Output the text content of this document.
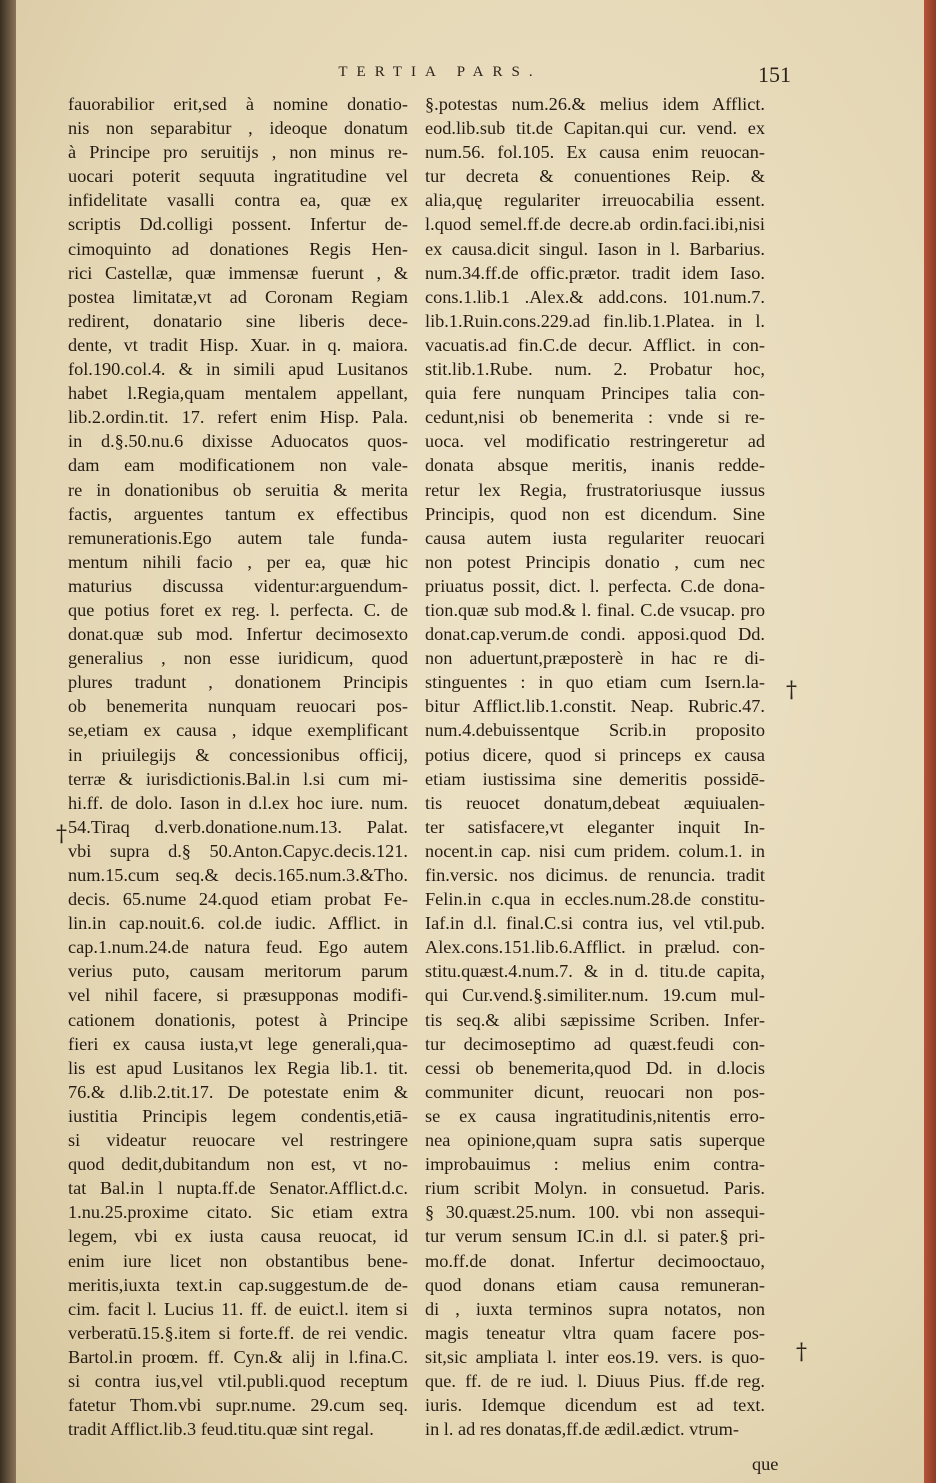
TERTIA PARS.	151
fauorabilior erit,sed à nomine donatio-
nis non separabitur , ideoque donatum
à Principe pro seruitijs , non minus re-
uocari poterit sequuta ingratitudine vel
infidelitate vasalli contra ea, quæ ex
scriptis Dd.colligi possent. Infertur de-
cimoquinto ad donationes Regis Hen-
rici Castellæ, quæ immensæ fuerunt , &
postea limitatæ,vt ad Coronam Regiam
redirent, donatario sine liberis dece-
dente, vt tradit Hisp. Xuar. in q. maiora.
fol.190.col.4. & in simili apud Lusitanos
habet l.Regia,quam mentalem appellant,
lib.2.ordin.tit. 17. refert enim Hisp. Pala.
in d.§.50.nu.6 dixisse Aduocatos quos-
dam eam modificationem non vale-
re in donationibus ob seruitia & merita
factis, arguentes tantum ex effectibus
remunerationis.Ego autem tale funda-
mentum nihili facio , per ea, quæ hic
maturius discussa videntur:arguendum-
que potius foret ex reg. l. perfecta. C. de
donat.quæ sub mod. Infertur decimosexto
generalius , non esse iuridicum, quod
plures tradunt , donationem Principis
ob benemerita nunquam reuocari pos-
se,etiam ex causa , idque exemplificant
in priuilegijs & concessionibus officij,
terræ & iurisdictionis.Bal.in l.si cum mi-
hi.ff. de dolo. Iason in d.l.ex hoc iure. num.
54.Tiraq d.verb.donatione.num.13. Palat.
vbi supra d.§ 50.Anton.Capyc.decis.121.
num.15.cum seq.& decis.165.num.3.&Tho.
decis. 65.nume 24.quod etiam probat Fe-
lin.in cap.nouit.6. col.de iudic. Afflict. in
cap.1.num.24.de natura feud. Ego autem
verius puto, causam meritorum parum
vel nihil facere, si præsupponas modifi-
cationem donationis, potest à Principe
fieri ex causa iusta,vt lege generali,qua-
lis est apud Lusitanos lex Regia lib.1. tit.
76.& d.lib.2.tit.17. De potestate enim &
iustitia Principis legem condentis,etiā-
si videatur reuocare vel restringere
quod dedit,dubitandum non est, vt no-
tat Bal.in l nupta.ff.de Senator.Afflict.d.c.
1.nu.25.proxime citato. Sic etiam extra
legem, vbi ex iusta causa reuocat, id
enim iure licet non obstantibus bene-
meritis,iuxta text.in cap.suggestum.de de-
cim. facit l. Lucius 11. ff. de euict.l. item si
verberatū.15.§.item si forte.ff. de rei vendic.
Bartol.in proœm. ff. Cyn.& alij in l.fina.C.
si contra ius,vel vtil.publi.quod receptum
fatetur Thom.vbi supr.nume. 29.cum seq.
tradit Afflict.lib.3 feud.titu.quæ sint regal.
§.potestas num.26.& melius idem Afflict.
eod.lib.sub tit.de Capitan.qui cur. vend. ex
num.56. fol.105. Ex causa enim reuocan-
tur decreta & conuentiones Reip. &
alia,quę regulariter irreuocabilia essent.
l.quod semel.ff.de decre.ab ordin.faci.ibi,nisi
ex causa.dicit singul. Iason in l. Barbarius.
num.34.ff.de offic.prætor. tradit idem Iaso.
cons.1.lib.1 .Alex.& add.cons. 101.num.7.
lib.1.Ruin.cons.229.ad fin.lib.1.Platea. in l.
vacuatis.ad fin.C.de decur. Afflict. in con-
stit.lib.1.Rube. num. 2. Probatur hoc,
quia fere nunquam Principes talia con-
cedunt,nisi ob benemerita : vnde si re-
uoca. vel modificatio restringeretur ad
donata absque meritis, inanis redde-
retur lex Regia, frustratoriusque iussus
Principis, quod non est dicendum. Sine
causa autem iusta regulariter reuocari
non potest Principis donatio , cum nec
priuatus possit, dict. l. perfecta. C.de dona-
tion.quæ sub mod.& l. final. C.de vsucap. pro
donat.cap.verum.de condi. apposi.quod Dd.
non aduertunt,præposterè in hac re di-
stinguentes : in quo etiam cum Isern.la-
bitur Afflict.lib.1.constit. Neap. Rubric.47.
num.4.debuissentque Scrib.in proposito
potius dicere, quod si princeps ex causa
etiam iustissima sine demeritis possidē-
tis reuocet donatum,debeat æquiualen-
ter satisfacere,vt eleganter inquit In-
nocent.in cap. nisi cum pridem. colum.1. in
fin.versic. nos dicimus. de renuncia. tradit
Felin.in c.qua in eccles.num.28.de constitu-
Iaf.in d.l. final.C.si contra ius, vel vtil.pub.
Alex.cons.151.lib.6.Afflict. in prælud. con-
stitu.quæst.4.num.7. & in d. titu.de capita,
qui Cur.vend.§.similiter.num. 19.cum mul-
tis seq.& alibi sæpissime Scriben. Infer-
tur decimoseptimo ad quæst.feudi con-
cessi ob benemerita,quod Dd. in d.locis
communiter dicunt, reuocari non pos-
se ex causa ingratitudinis,nitentis erro-
nea opinione,quam supra satis superque
improbauimus : melius enim contra-
rium scribit Molyn. in consuetud. Paris.
§ 30.quæst.25.num. 100. vbi non assequi-
tur verum sensum IC.in d.l. si pater.§ pri-
mo.ff.de donat. Infertur decimooctauo,
quod donans etiam causa remuneran-
di , iuxta terminos supra notatos, non
magis teneatur vltra quam facere pos-
sit,sic ampliata l. inter eos.19. vers. is quo-
que. ff. de re iud. l. Diuus Pius. ff.de reg.
iuris. Idemque dicendum est ad text.
in l. ad res donatas,ff.de ædil.ædict. vtrum-
†
†
†
que
